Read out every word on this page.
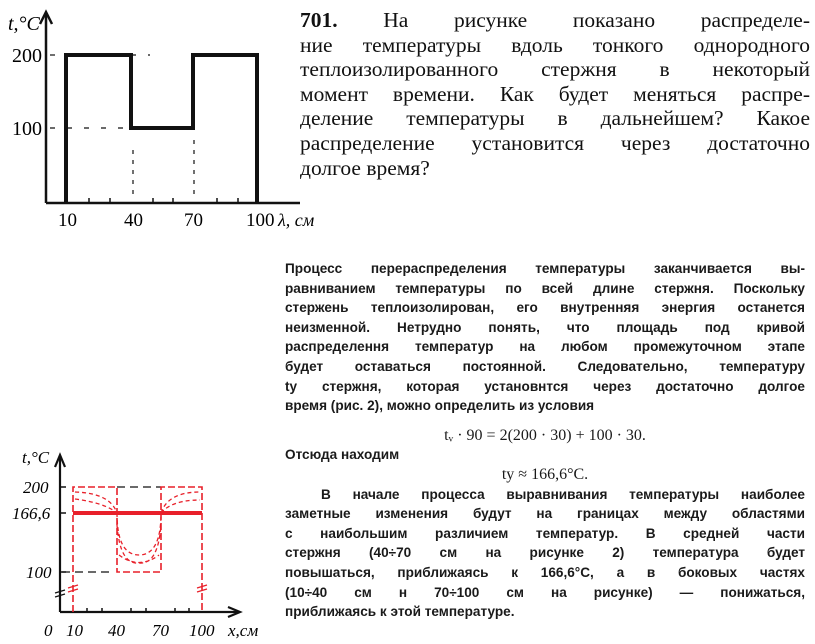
701. На рисунке показано распределе-
ние температуры вдоль тонкого однородного
теплоизолированного стержня в некоторый
момент времени. Как будет меняться распре-
деление температуры в дальнейшем? Какое
распределение установится через достаточно
долгое время?
t,°C
200
100
10 40 70 100 λ, см
Процесс перераспределения температуры заканчивается вы-
равниванием температуры по всей длине стержня. Поскольку
стержень теплоизолирован, его внутренняя энергия останется
неизменной. Нетрудно понять, что площадь под кривой
распределення температур на любом промежуточном этапе
будет оставаться постоянной. Следовательно, температуру
tу стержня, которая установнтся через достаточно долгое
время (рис. 2), можно определить из условия
tᵥ · 90 = 2(200 · 30) + 100 · 30.
Отсюда находим
tу ≈ 166,6°С.
В начале процесса выравнивания температуры наиболее
заметные изменения будут на границах между областями
с наибольшим различием температур. В средней части
стержня (40÷70 см на рисунке 2) температура будет
повышаться, приближаясь к 166,6°С, а в боковых частях
(10÷40 см н 70÷100 см на рисунке) — понижаться,
приближаясь к этой температуре.
t,°C
200
166,6
100
0 10 40 70 100 x,см
